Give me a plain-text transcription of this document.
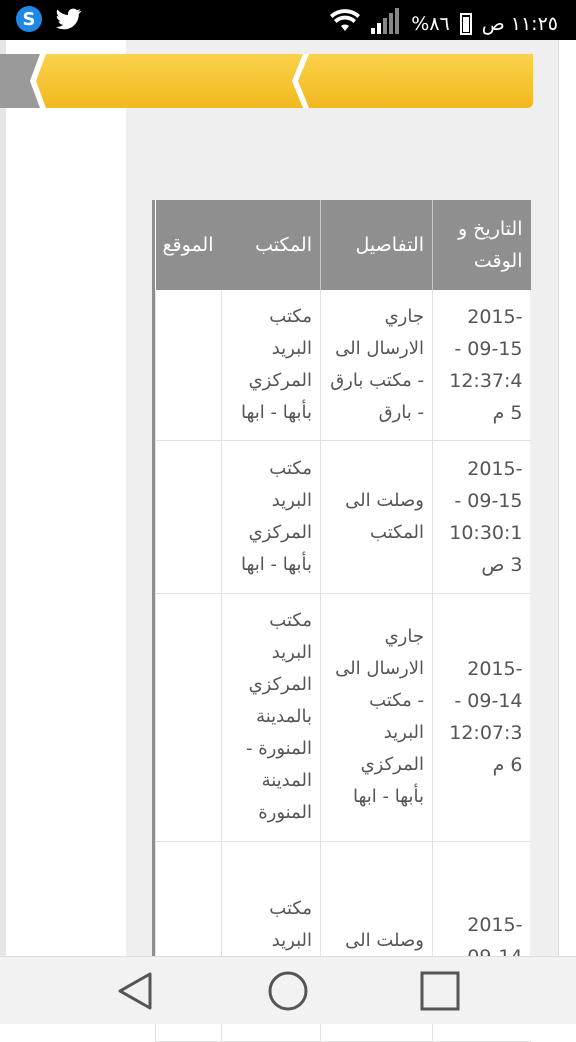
S	%٨٦ ١١:٢٥ ص
التاريخ و الوقت	التفاصيل	المكتب	الموقع
2015-09-15 - 12:37:45 م	جاري الارسال الى - مكتب بارق - بارق	مكتب البريد المركزي بأبها - ابها	
2015-09-15 - 10:30:13 ص	وصلت الى المكتب	مكتب البريد المركزي بأبها - ابها	
2015-09-14 - 12:07:36 م	جاري الارسال الى - مكتب البريد المركزي بأبها - ابها	مكتب البريد المركزي بالمدينة المنورة - المدينة المنورة	
2015-	وصلت الى	مكتب البريد	
